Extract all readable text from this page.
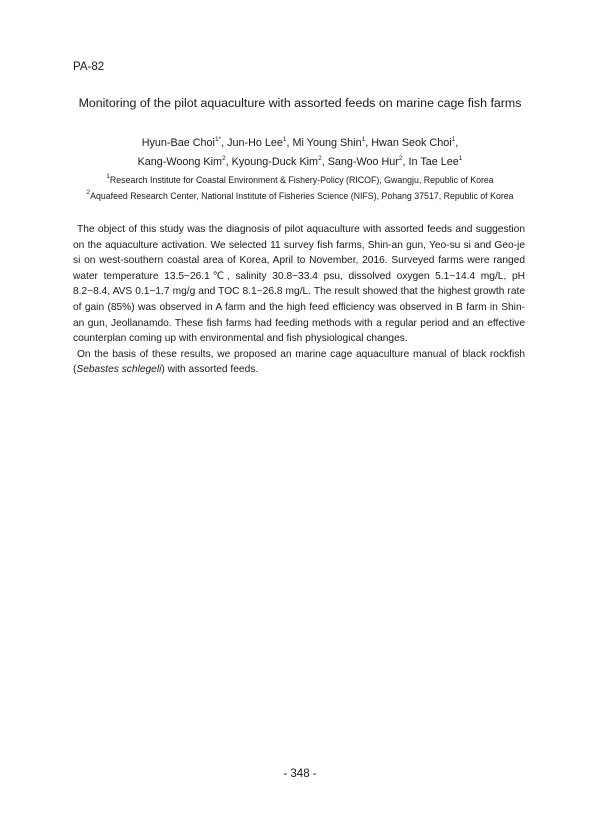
PA-82
Monitoring of the pilot aquaculture with assorted feeds on marine cage fish farms
Hyun-Bae Choi$^{1*}$, Jun-Ho Lee$^1$, Mi Young Shin$^1$, Hwan Seok Choi$^1$,
Kang-Woong Kim$^2$, Kyoung-Duck Kim$^2$, Sang-Woo Hur$^2$, In Tae Lee$^1$
$^1$Research Institute for Coastal Environment & Fishery-Policy (RICOF), Gwangju, Republic of Korea
$^2$Aquafeed Research Center, National Institute of Fisheries Science (NIFS), Pohang 37517, Republic of Korea

The object of this study was the diagnosis of pilot aquaculture with assorted feeds and suggestion on the aquaculture activation. We selected 11 survey fish farms, Shin-an gun, Yeo-su si and Geo-je si on west-southern coastal area of Korea, April to November, 2016. Surveyed farms were ranged water temperature 13.5~26.1℃, salinity 30.8~33.4 psu, dissolved oxygen 5.1~14.4 mg/L, pH 8.2~8.4, AVS 0.1~1.7 mg/g and TOC 8.1~26.8 mg/L. The result showed that the highest growth rate of gain (85%) was observed in A farm and the high feed efficiency was observed in B farm in Shin-an gun, Jeollanamdo. These fish farms had feeding methods with a regular period and an effective counterplan coming up with environmental and fish physiological changes.

On the basis of these results, we proposed an marine cage aquaculture manual of black rockfish (Sebastes schlegeli) with assorted feeds.

- 348 -
